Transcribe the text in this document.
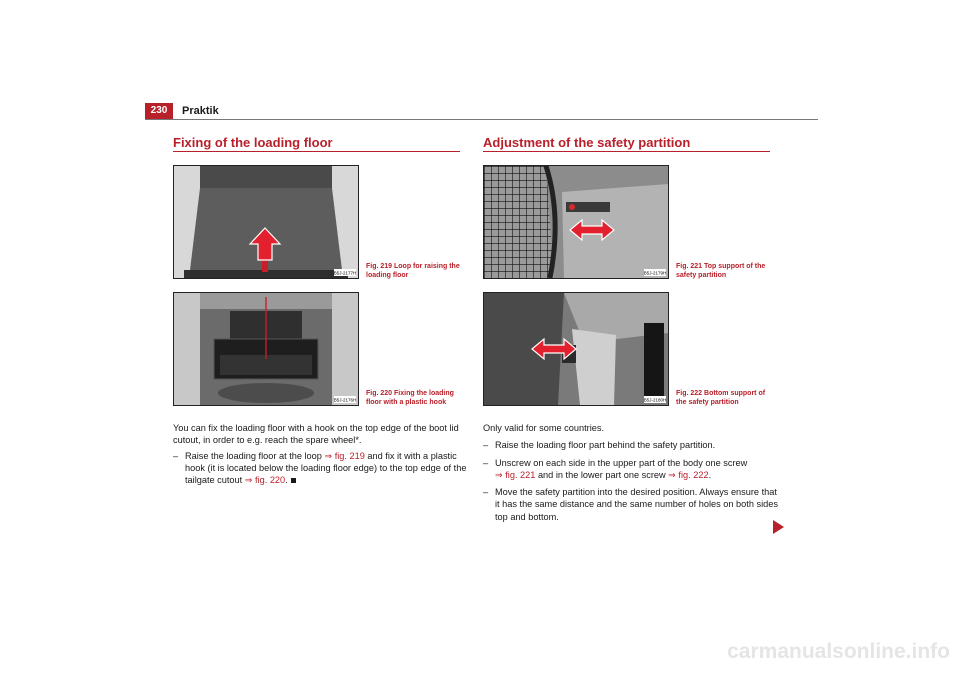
230	Praktik
Fixing of the loading floor
B5J-2177H
Fig. 219 Loop for raising the
loading floor
B5J-2176H
Fig. 220 Fixing the loading
floor with a plastic hook
You can fix the loading floor with a hook on the top edge of the boot lid
cutout, in order to e.g. reach the spare wheel*.
– Raise the loading floor at the loop ⇒ fig. 219 and fix it with a plastic
hook (it is located below the loading floor edge) to the top edge of the
tailgate cutout ⇒ fig. 220.
Adjustment of the safety partition
B5J-2179H
Fig. 221 Top support of the
safety partition
B5J-2180H
Fig. 222 Bottom support of
the safety partition
Only valid for some countries.
– Raise the loading floor part behind the safety partition.
– Unscrew on each side in the upper part of the body one screw
⇒ fig. 221 and in the lower part one screw ⇒ fig. 222.
– Move the safety partition into the desired position. Always ensure that
it has the same distance and the same number of holes on both sides
top and bottom.
carmanualsonline.info
